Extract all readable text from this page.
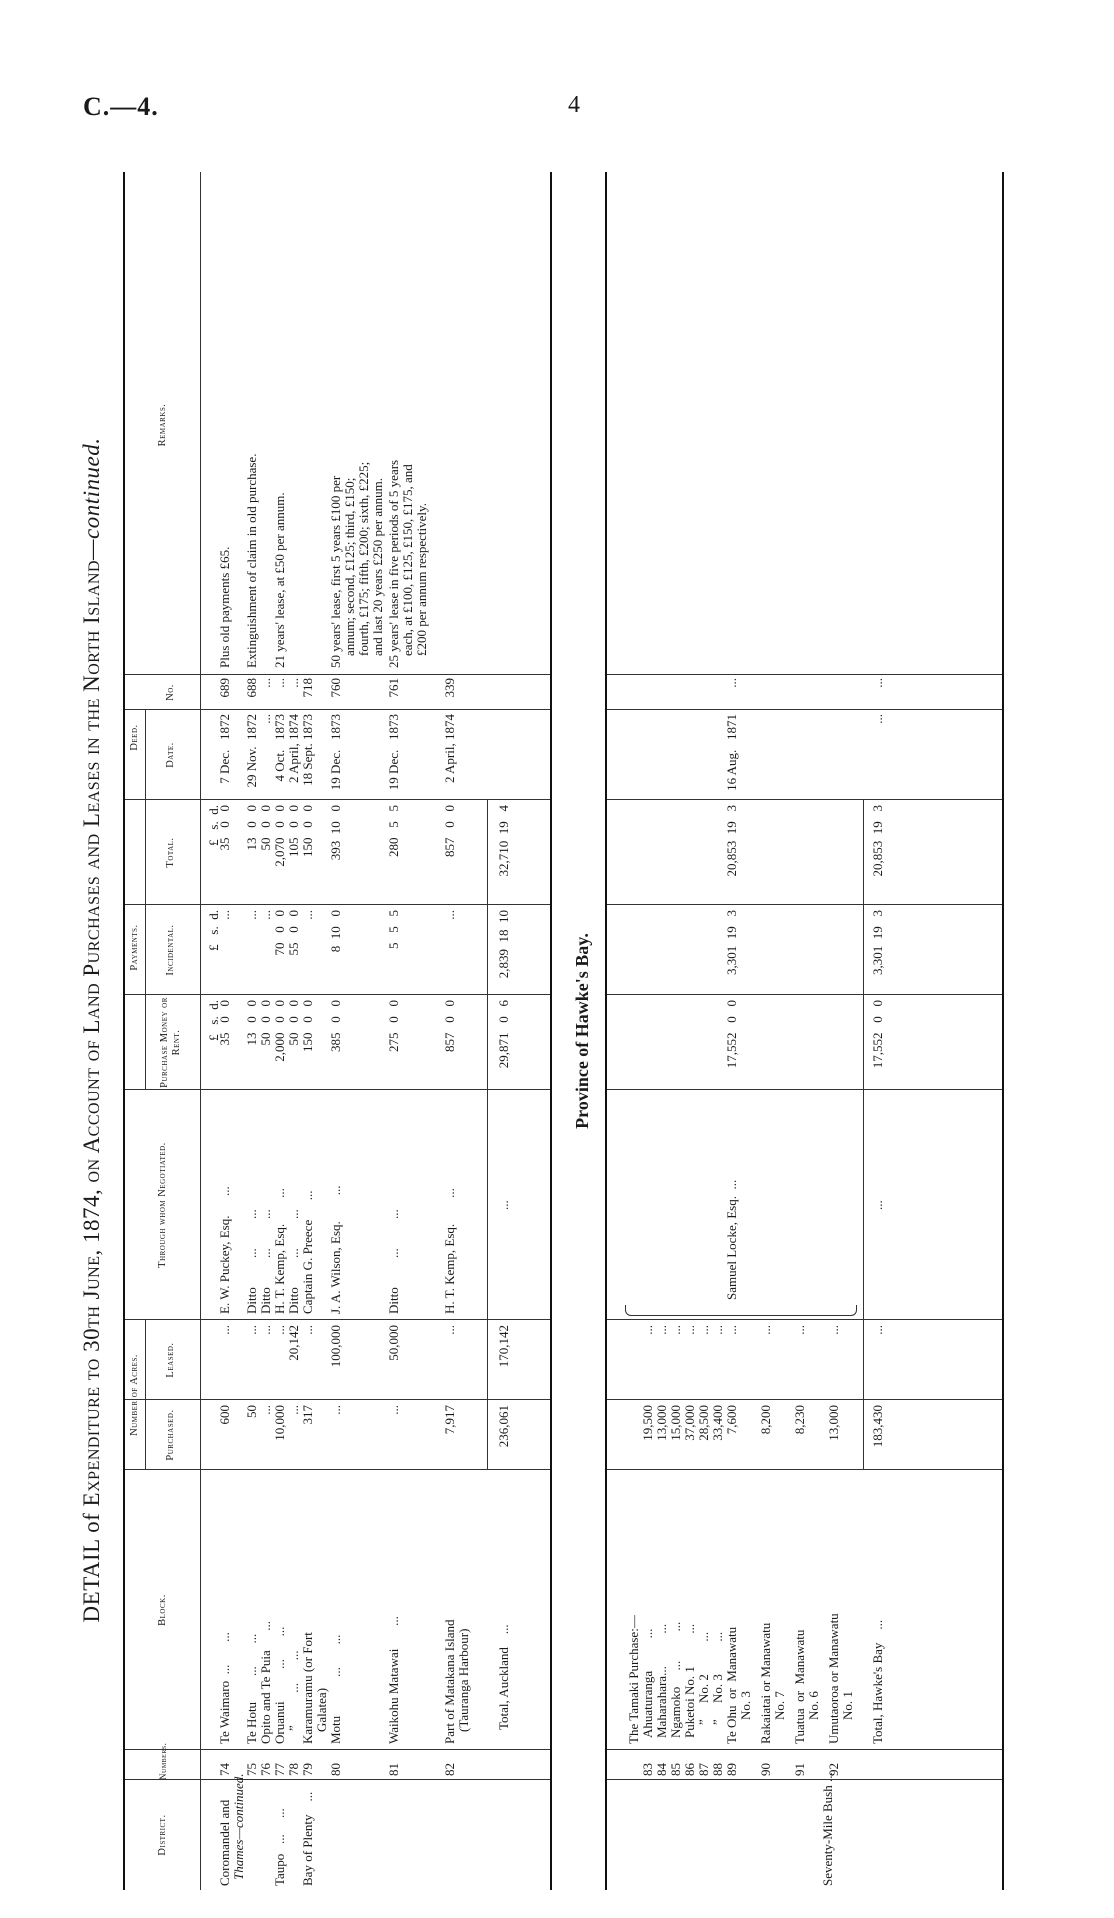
C.—4.	4
DETAIL of Expenditure to 30th June, 1874, on Account of Land Purchases and Leases in the North Island—continued.
District.
Numbers.
Block.
Number of Acres. Purchased.
Leased.
Through whom Negotiated.
Payments.
Purchase Money or Rent.
Incidental.
Total.
Deed.
Date.
No.
Remarks.
£   s.  d.
£   s.  d.
£   s.  d.
Coromandel and Thames—continued. Taupo   ...     ... Bay of Plenty    ...
74
Te Waimaro  ...       ...
600
...
E. W. Puckey, Esq.      ...
35   0   0
...
35   0   0
7 Dec.   1872
689
Plus old payments £65.
75
Te Hotu        ...       ...
50
...
Ditto         ...         ...
13   0   0
...
13   0   0
29 Nov.  1872
688
Extinguishment of claim in old purchase.
76
Opito and Te Puia      ...
...
...
Ditto         ...         ...
50   0   0
...
50   0   0
...
...
77
Oruanui          ...       ...
10,000
...
H. T. Kemp, Esq.        ...
2,000   0   0
70   0   0
2,070   0   0
4 Oct.   1873
...
21 years' lease, at £50 per annum.
78
”          ...       ...
...
20,142
Ditto         ...         ...
50   0   0
55   0   0
105   0   0
2 April, 1874
...
79
Karamuramu (or Fort Galatea)
317
...
Captain G. Preece      ...
150   0   0
...
150   0   0
18 Sept. 1873
718
80
Motu            ...       ...
...
100,000
J. A. Wilson, Esq.        ...
385   0   0
8  10   0
393  10   0
19 Dec.   1873
760
50 years' lease, first 5 years £100 per annum; second, £125; third, £150; fourth, £175; fifth, £200; sixth, £225; and last 20 years £250 per annum.
81
Waikohu Matawai       ...
...
50,000
Ditto         ...         ...
275   0   0
5   5   5
280   5   5
19 Dec.   1873
761
25 years' lease in five periods of 5 years each, at £100, £125, £150, £175, and £200 per annum respectively.
82
Part of Matakana Island (Tauranga Harbour)
7,917
...
H. T. Kemp, Esq.        ...
857   0   0
...
857   0   0
2 April, 1874
339
Total, Auckland    ...
236,061
170,142
...
29,871   0   6
2,839  18  10
32,710  19   4
Province of Hawke's Bay.
Seventy-Mile Bush ...
The Tamaki Purchase:—
83
Ahuaturanga          ...
19,500
...
84
Maharahara...          ...
13,000
...
85
Ngamoko     ...         ...
15,000
...
86
Puketoi No. 1          ...
37,000
...
87
”     No. 2          ...
28,500
...
88
”     No. 3          ...
33,400
...
89
Te Ohu  or  Manawatu No. 3
7,600
...
90
Rakaiatai or Manawatu No. 7
8,200
...
91
Tuatua  or  Manawatu No. 6
8,230
...
92
Umutaoroa or Manawatu No. 1
13,000
...
Samuel Locke, Esq.  ...
17,552   0   0
3,301  19   3
20,853  19   3
16 Aug.   1871
...
Total, Hawke's Bay    ...
183,430
...
...
17,552   0   0
3,301  19   3
20,853  19   3
...
...
